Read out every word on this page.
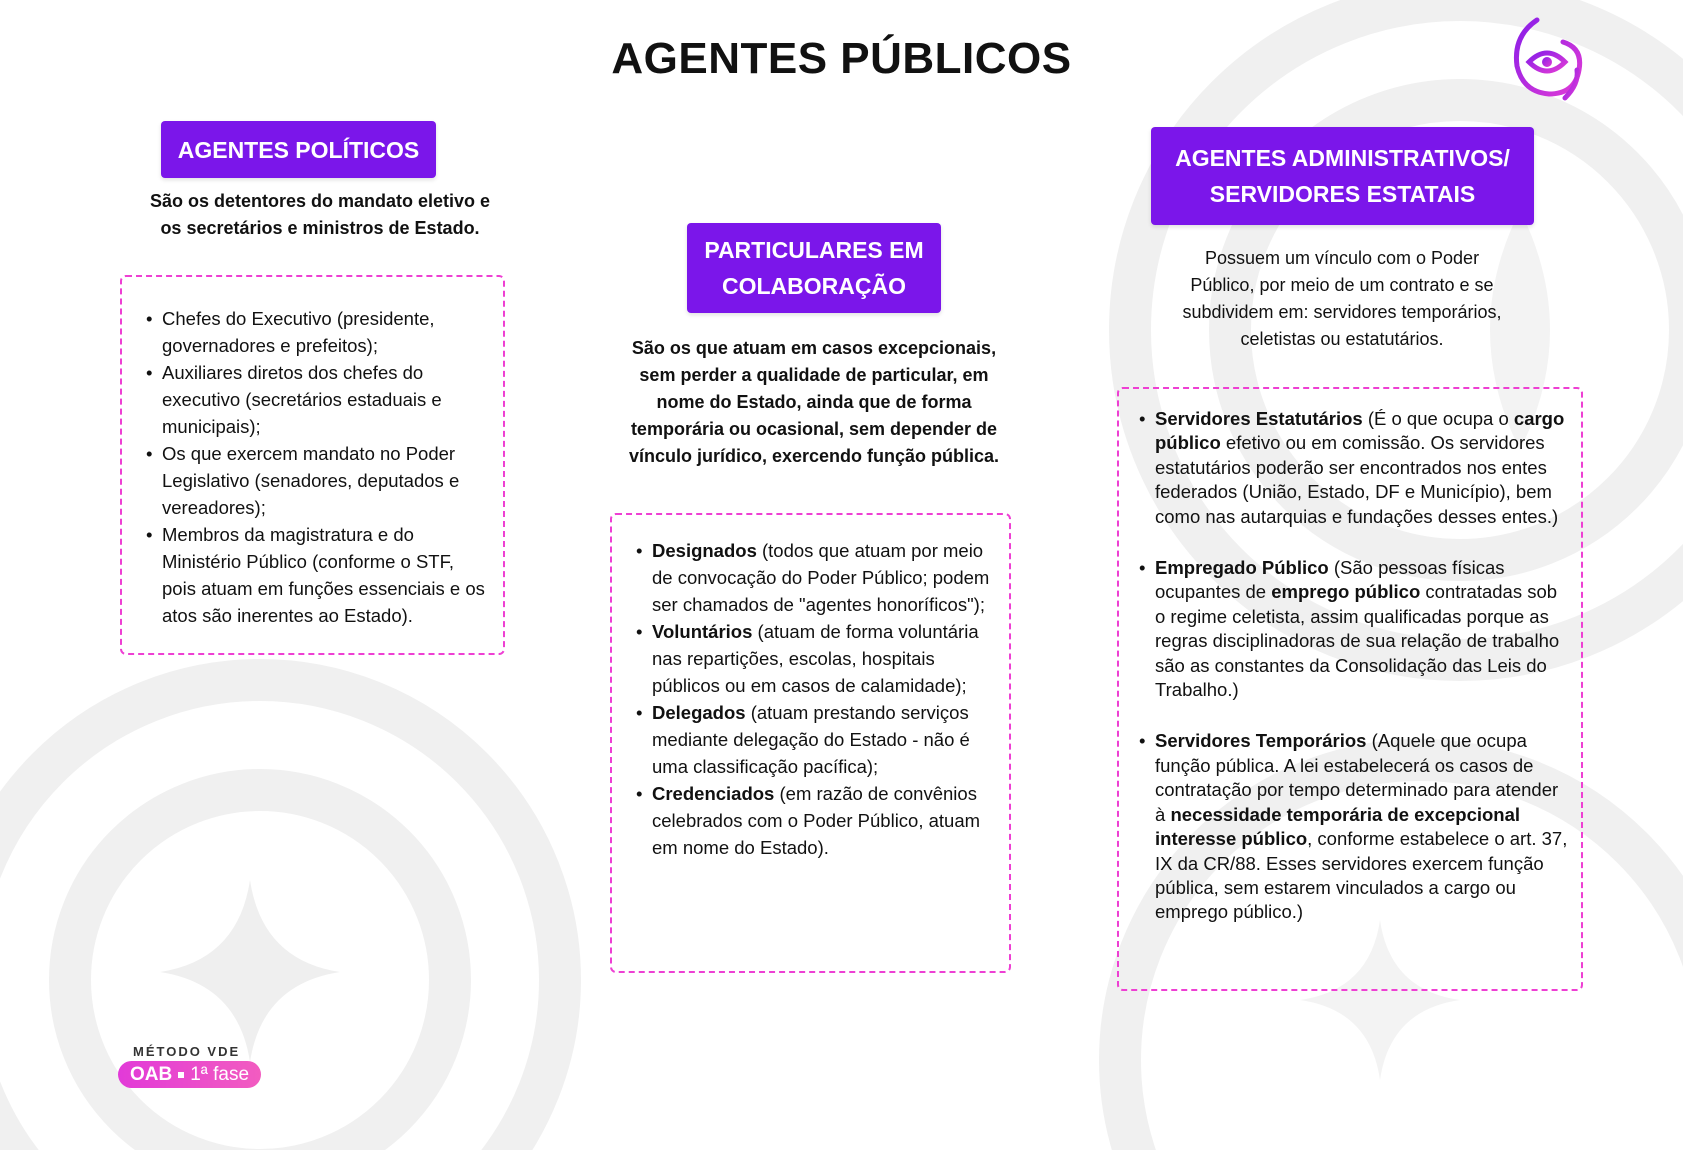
AGENTES PÚBLICOS
AGENTES POLÍTICOS
São os detentores do mandato eletivo e
os secretários e ministros de Estado.
• Chefes do Executivo (presidente, governadores e prefeitos);
• Auxiliares diretos dos chefes do executivo (secretários estaduais e municipais);
• Os que exercem mandato no Poder Legislativo (senadores, deputados e vereadores);
• Membros da magistratura e do Ministério Público (conforme o STF, pois atuam em funções essenciais e os atos são inerentes ao Estado).
PARTICULARES EM
COLABORAÇÃO
São os que atuam em casos excepcionais,
sem perder a qualidade de particular, em
nome do Estado, ainda que de forma
temporária ou ocasional, sem depender de
vínculo jurídico, exercendo função pública.
• Designados (todos que atuam por meio de convocação do Poder Público; podem ser chamados de "agentes honoríficos");
• Voluntários (atuam de forma voluntária nas repartições, escolas, hospitais públicos ou em casos de calamidade);
• Delegados (atuam prestando serviços mediante delegação do Estado - não é uma classificação pacífica);
• Credenciados (em razão de convênios celebrados com o Poder Público, atuam em nome do Estado).
AGENTES ADMINISTRATIVOS/
SERVIDORES ESTATAIS
Possuem um vínculo com o Poder
Público, por meio de um contrato e se
subdividem em: servidores temporários,
celetistas ou estatutários.
• Servidores Estatutários (É o que ocupa o cargo público efetivo ou em comissão. Os servidores estatutários poderão ser encontrados nos entes federados (União, Estado, DF e Município), bem como nas autarquias e fundações desses entes.)
• Empregado Público (São pessoas físicas ocupantes de emprego público contratadas sob o regime celetista, assim qualificadas porque as regras disciplinadoras de sua relação de trabalho são as constantes da Consolidação das Leis do Trabalho.)
• Servidores Temporários (Aquele que ocupa função pública. A lei estabelecerá os casos de contratação por tempo determinado para atender à necessidade temporária de excepcional interesse público, conforme estabelece o art. 37, IX da CR/88. Esses servidores exercem função pública, sem estarem vinculados a cargo ou emprego público.)
MÉTODO VDE
OAB 1ª fase
